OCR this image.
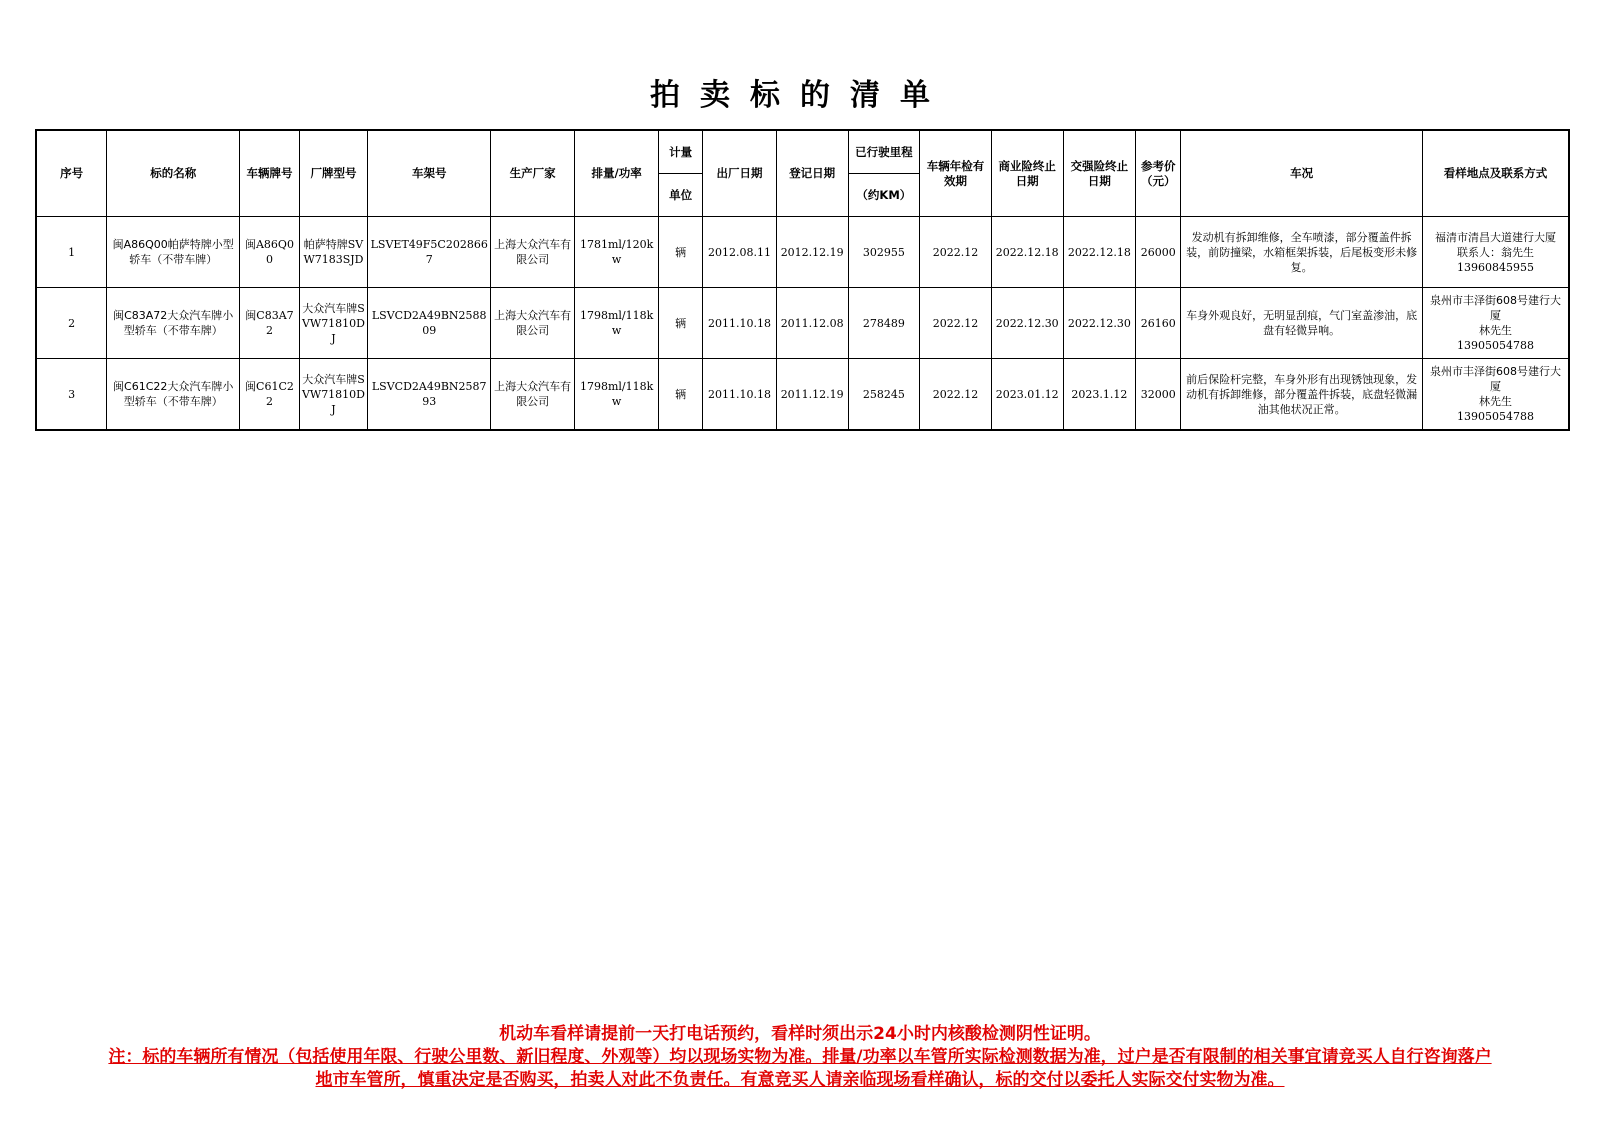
拍卖标的清单
序号	标的名称	车辆牌号	厂牌型号	车架号	生产厂家	排量/功率	计量	出厂日期	登记日期	已行驶里程	车辆年检有效期	商业险终止日期	交强险终止日期	参考价（元）	车况	看样地点及联系方式
							单位			（约KM）						
1	闽A86Q00帕萨特牌小型轿车（不带车牌）	闽A86Q00	帕萨特牌SVW7183SJD	LSVET49F5C2028667	上海大众汽车有限公司	1781ml/120kw	辆	2012.08.11	2012.12.19	302955	2022.12	2022.12.18	2022.12.18	26000	发动机有拆卸维修，全车喷漆，部分覆盖件拆装，前防撞梁，水箱框架拆装，后尾板变形未修复。	福清市清昌大道建行大厦
联系人：翁先生
13960845955

2	闽C83A72大众汽车牌小型轿车（不带车牌）	闽C83A72	大众汽车牌SVW71810DJ	LSVCD2A49BN258809	上海大众汽车有限公司	1798ml/118kw	辆	2011.10.18	2011.12.08	278489	2022.12	2022.12.30	2022.12.30	26160	车身外观良好，无明显刮痕，气门室盖渗油，底盘有轻微异响。	泉州市丰泽街608号建行大厦
林先生
13905054788

3	闽C61C22大众汽车牌小型轿车（不带车牌）	闽C61C22	大众汽车牌SVW71810DJ	LSVCD2A49BN258793	上海大众汽车有限公司	1798ml/118kw	辆	2011.10.18	2011.12.19	258245	2022.12	2023.01.12	2023.1.12	32000	前后保险杆完整，车身外形有出现锈蚀现象，发动机有拆卸维修，部分覆盖件拆装，底盘轻微漏油其他状况正常。	泉州市丰泽街608号建行大厦
林先生
13905054788
机动车看样请提前一天打电话预约，看样时须出示24小时内核酸检测阴性证明。
注：标的车辆所有情况（包括使用年限、行驶公里数、新旧程度、外观等）均以现场实物为准。排量/功率以车管所实际检测数据为准，过户是否有限制的相关事宜请竞买人自行咨询落户地市车管所，慎重决定是否购买，拍卖人对此不负责任。有意竞买人请亲临现场看样确认，标的交付以委托人实际交付实物为准。
